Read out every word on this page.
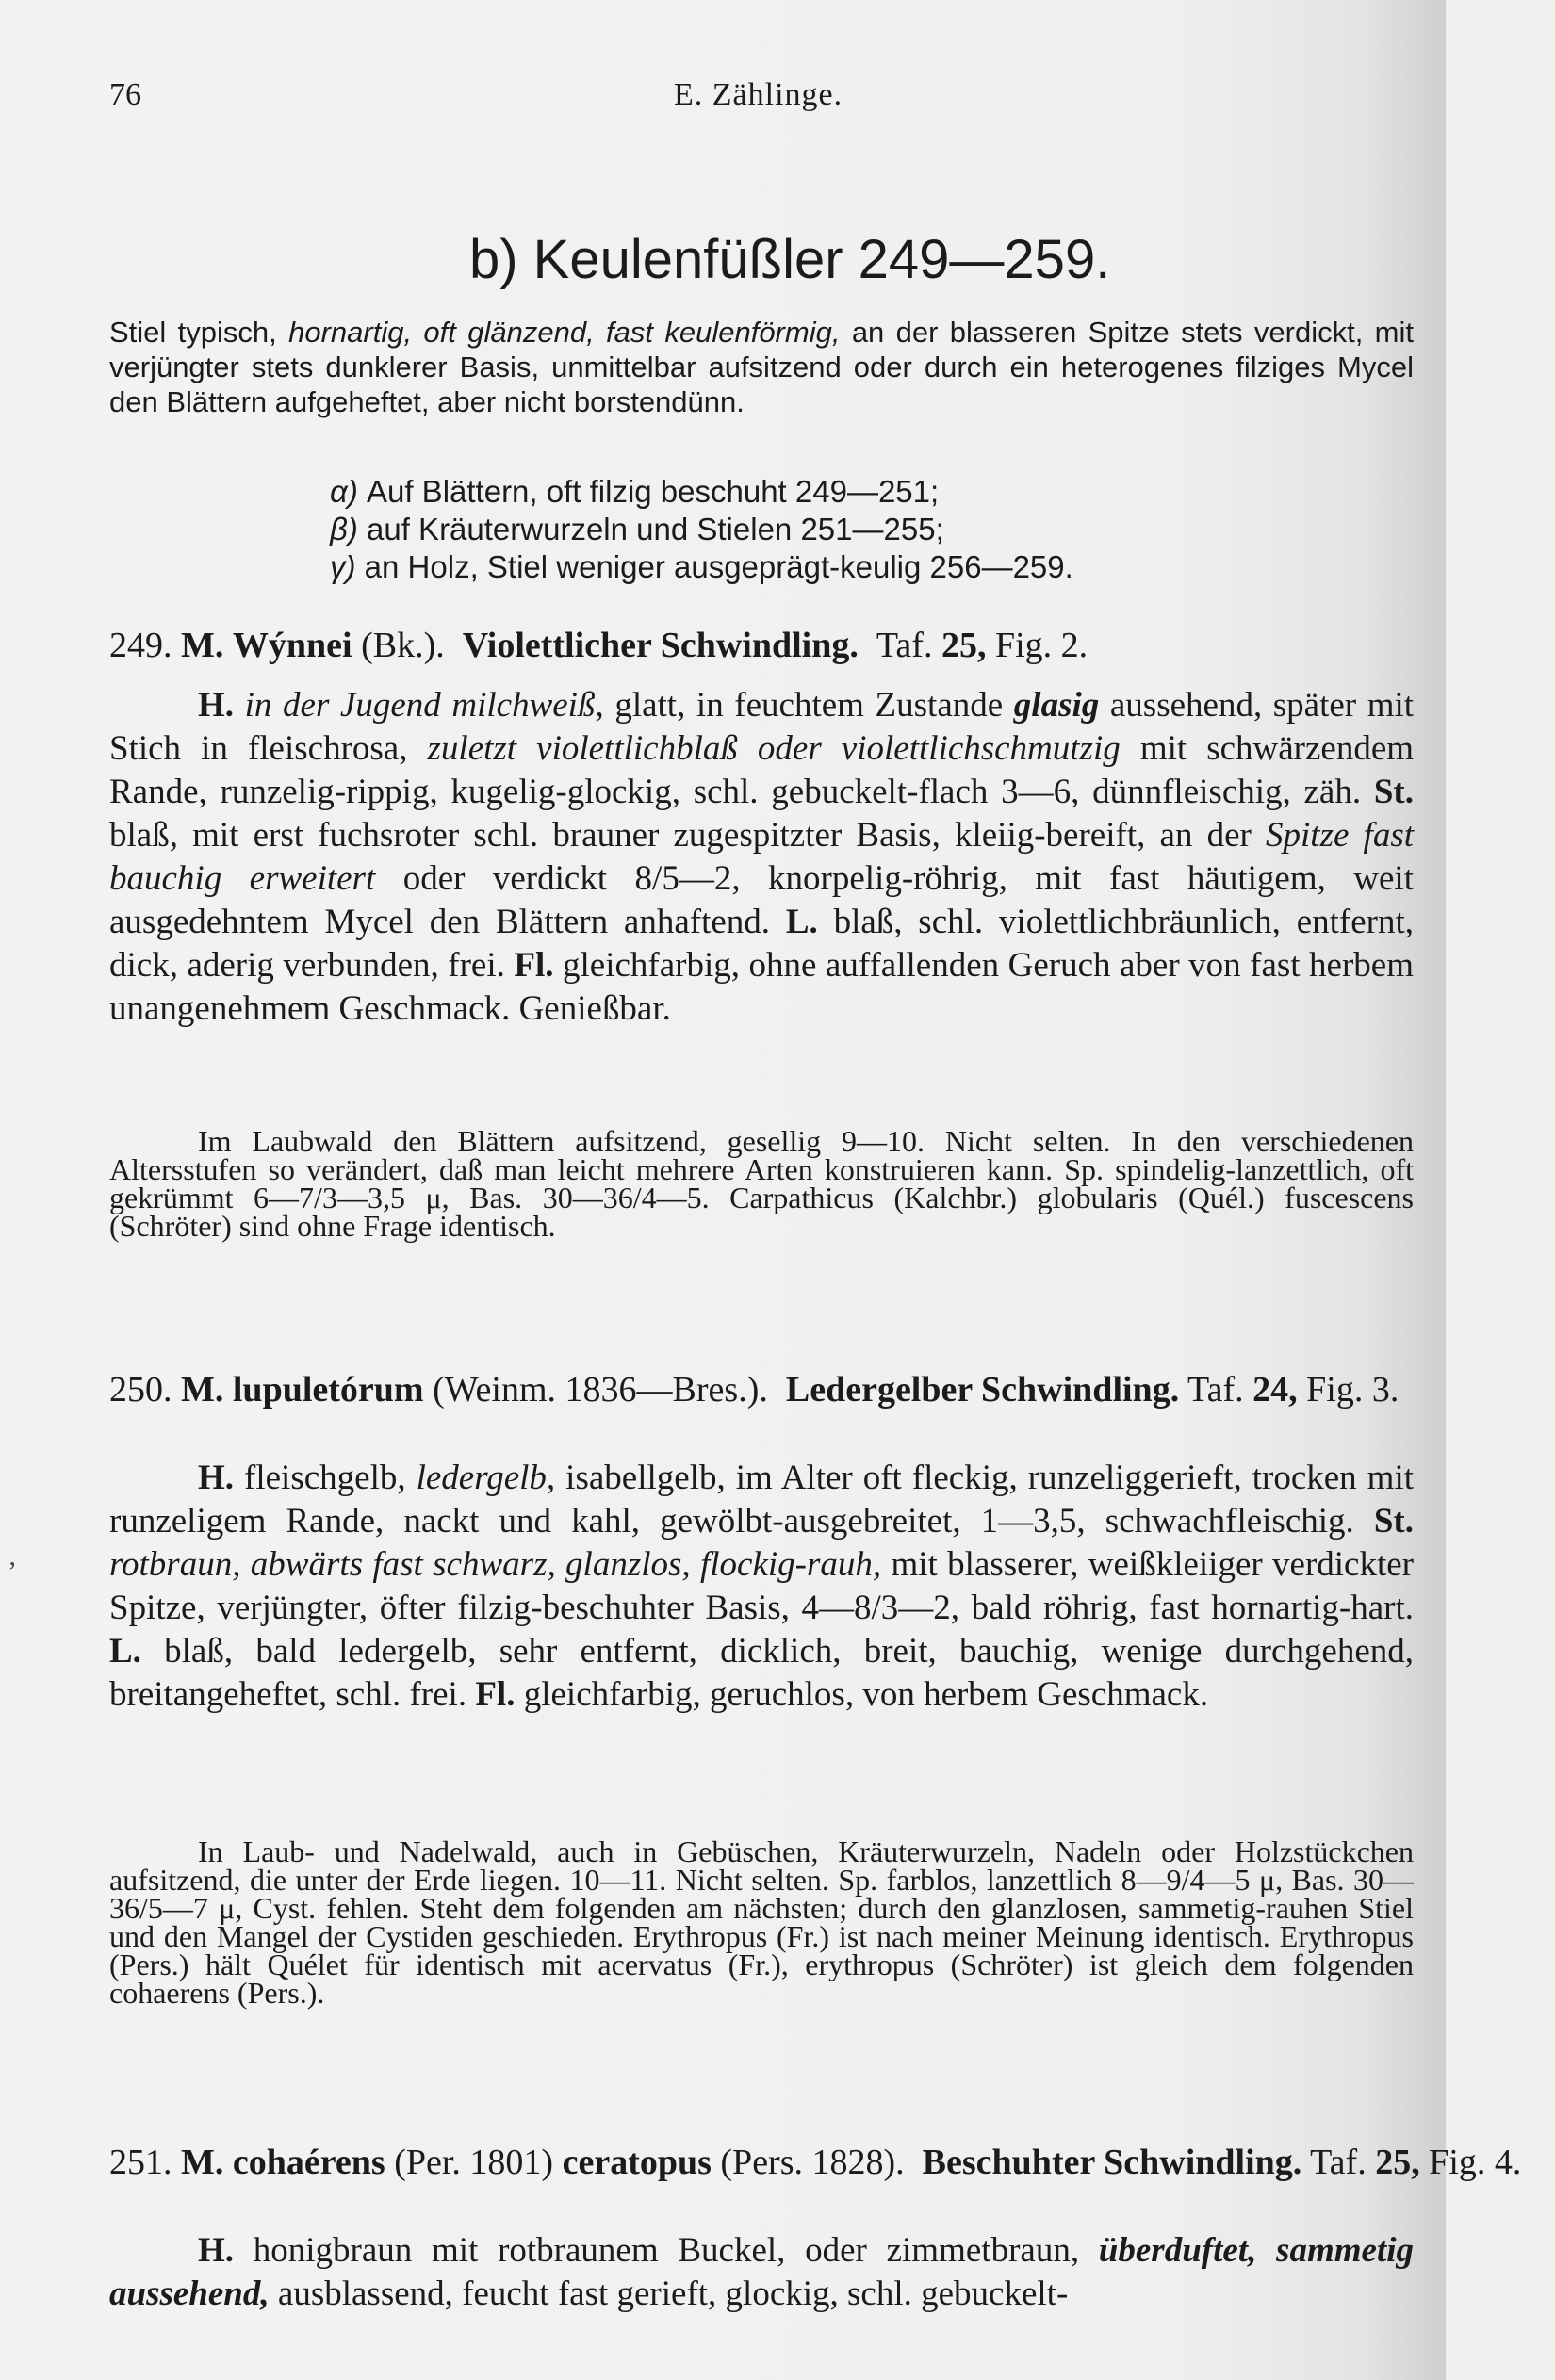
76	E. Zählinge.
b) Keulenfüßler 249—259.

Stiel typisch, hornartig, oft glänzend, fast keulenförmig, an der blasseren Spitze stets verdickt, mit verjüngter stets dunklerer Basis, unmittelbar aufsitzend oder durch ein heterogenes filziges Mycel den Blättern aufgeheftet, aber nicht borstendünn.

α) Auf Blättern, oft filzig beschuht 249—251;
β) auf Kräuterwurzeln und Stielen 251—255;
γ) an Holz, Stiel weniger ausgeprägt-keulig 256—259.

249. M. Wýnnei (Bk.). Violettlicher Schwindling. Taf. 25, Fig. 2.

H. in der Jugend milchweiß, glatt, in feuchtem Zustande glasig aussehend, später mit Stich in fleischrosa, zuletzt violettlichblaß oder violettlichschmutzig mit schwärzendem Rande, runzelig-rippig, kugelig-glockig, schl. gebuckelt-flach 3—6, dünnfleischig, zäh. St. blaß, mit erst fuchsroter schl. brauner zugespitzter Basis, kleiig-bereift, an der Spitze fast bauchig erweitert oder verdickt 8/5—2, knorpelig-röhrig, mit fast häutigem, weit ausgedehntem Mycel den Blättern anhaftend. L. blaß, schl. violettlichbräunlich, entfernt, dick, aderig verbunden, frei. Fl. gleichfarbig, ohne auffallenden Geruch aber von fast herbem unangenehmem Geschmack. Genießbar.

Im Laubwald den Blättern aufsitzend, gesellig 9—10. Nicht selten. In den verschiedenen Altersstufen so verändert, daß man leicht mehrere Arten konstruieren kann. Sp. spindelig-lanzettlich, oft gekrümmt 6—7/3—3,5 μ, Bas. 30—36/4—5. Carpathicus (Kalchbr.) globularis (Quél.) fuscescens (Schröter) sind ohne Frage identisch.

250. M. lupuletórum (Weinm. 1836—Bres.). Ledergelber Schwindling. Taf. 24, Fig. 3.

H. fleischgelb, ledergelb, isabellgelb, im Alter oft fleckig, runzeliggerieft, trocken mit runzeligem Rande, nackt und kahl, gewölbt-ausgebreitet, 1—3,5, schwachfleischig. St. rotbraun, abwärts fast schwarz, glanzlos, flockig-rauh, mit blasserer, weißkleiiger verdickter Spitze, verjüngter, öfter filzig-beschuhter Basis, 4—8/3—2, bald röhrig, fast hornartig-hart. L. blaß, bald ledergelb, sehr entfernt, dicklich, breit, bauchig, wenige durchgehend, breitangeheftet, schl. frei. Fl. gleichfarbig, geruchlos, von herbem Geschmack.

In Laub- und Nadelwald, auch in Gebüschen, Kräuterwurzeln, Nadeln oder Holzstückchen aufsitzend, die unter der Erde liegen. 10—11. Nicht selten. Sp. farblos, lanzettlich 8—9/4—5 μ, Bas. 30—36/5—7 μ, Cyst. fehlen. Steht dem folgenden am nächsten; durch den glanzlosen, sammetig-rauhen Stiel und den Mangel der Cystiden geschieden. Erythropus (Fr.) ist nach meiner Meinung identisch. Erythropus (Pers.) hält Quélet für identisch mit acervatus (Fr.), erythropus (Schröter) ist gleich dem folgenden cohaerens (Pers.).

251. M. cohaérens (Per. 1801) ceratopus (Pers. 1828). Beschuhter Schwindling. Taf. 25, Fig. 4.

H. honigbraun mit rotbraunem Buckel, oder zimmetbraun, überduftet, sammetig aussehend, ausblassend, feucht fast gerieft, glockig, schl. gebuckelt-

ʼ
